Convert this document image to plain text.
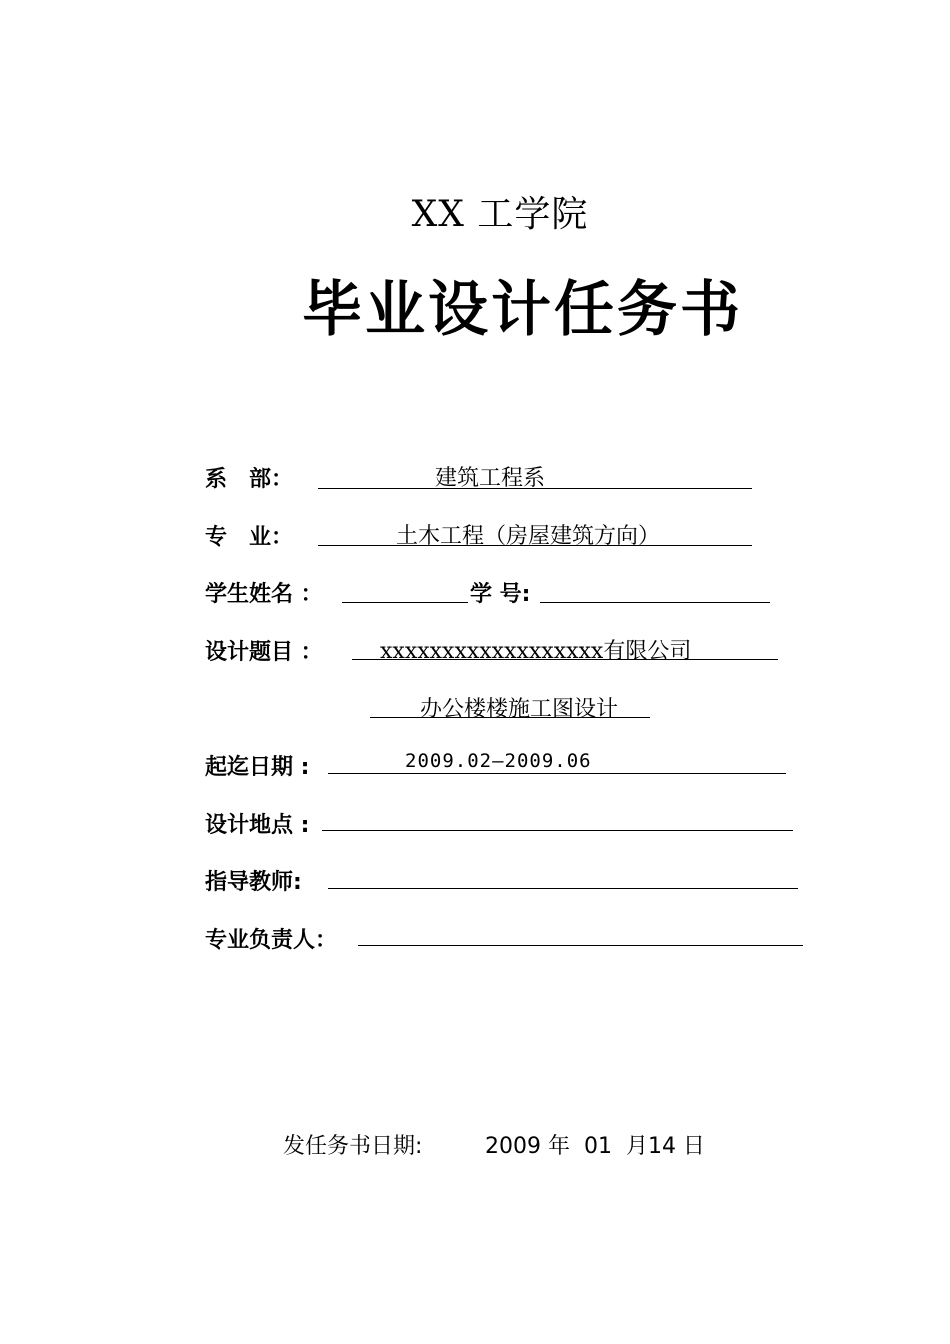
XX 工学院
毕业设计任务书
系　部：	建筑工程系
专　业：	土木工程（房屋建筑方向）
学生姓名 ：	学 号:
设计题目 ：	xxxxxxxxxxxxxxxxxx有限公司
办公楼楼施工图设计
起迄日期 :	2009.02—2009.06
设计地点 :
指导教师:
专业负责人：
发任务书日期:	2009 年  01  月14 日
